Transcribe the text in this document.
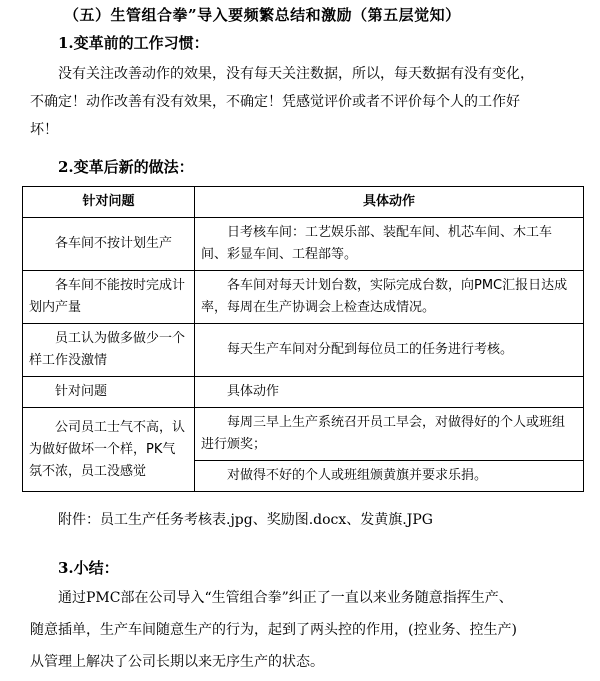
（五）生管组合拳”导入要频繁总结和激励（第五层觉知）
1.变革前的工作习惯：
没有关注改善动作的效果，没有每天关注数据，所以，每天数据有没有变化，
不确定！动作改善有没有效果，不确定！凭感觉评价或者不评价每个人的工作好
坏！
2.变革后新的做法：
针对问题	具体动作
各车间不按计划生产	日考核车间：工艺娱乐部、装配车间、机芯车间、木工车间、彩显车间、工程部等。
各车间不能按时完成计划内产量	各车间对每天计划台数，实际完成台数，向PMC汇报日达成率，每周在生产协调会上检查达成情况。
员工认为做多做少一个样工作没激情	每天生产车间对分配到每位员工的任务进行考核。
针对问题	具体动作
公司员工士气不高，认为做好做坏一个样，PK气氛不浓，员工没感觉	每周三早上生产系统召开员工早会，对做得好的个人或班组进行颁奖；
	对做得不好的个人或班组颁黄旗并要求乐捐。
附件：员工生产任务考核表.jpg、奖励图.docx、发黄旗.JPG
3.小结：
通过PMC部在公司导入“生管组合拳”纠正了一直以来业务随意指挥生产、
随意插单，生产车间随意生产的行为，起到了两头控的作用，(控业务、控生产)
从管理上解决了公司长期以来无序生产的状态。
